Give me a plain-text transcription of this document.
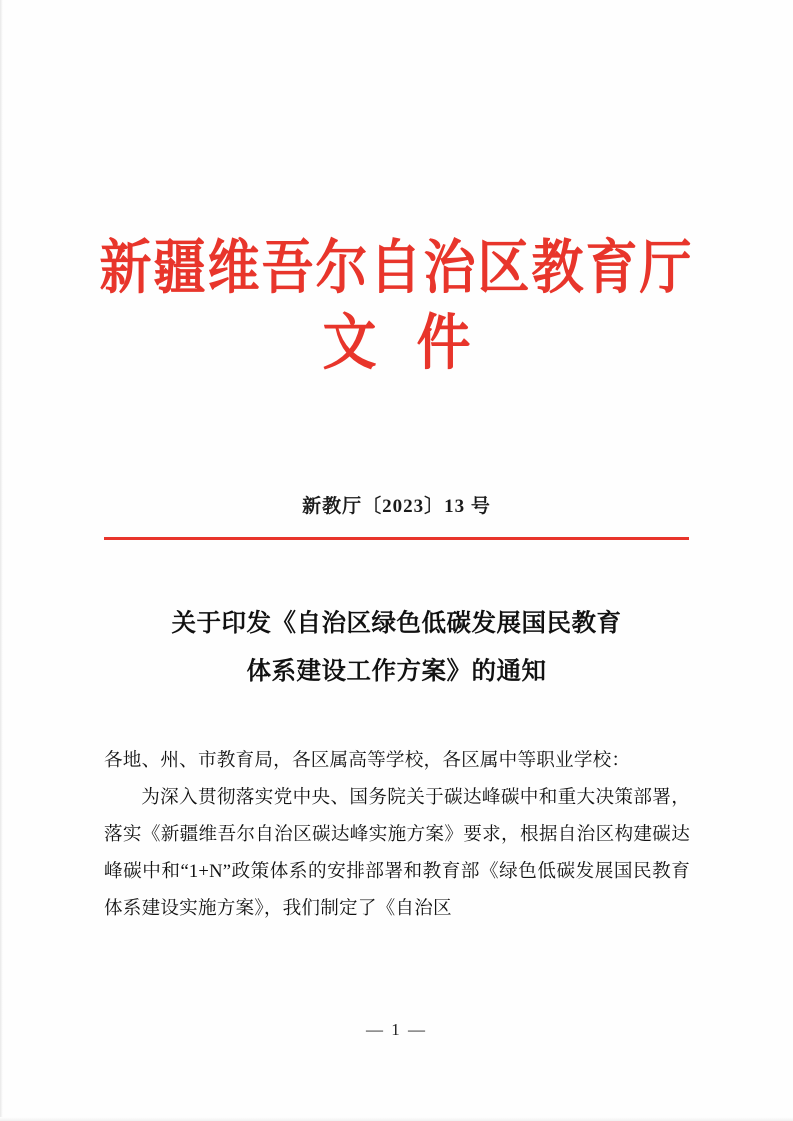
新疆维吾尔自治区教育厅
文件
新教厅〔2023〕13 号
关于印发《自治区绿色低碳发展国民教育
体系建设工作方案》的通知

各地、州、市教育局，各区属高等学校，各区属中等职业学校：

为深入贯彻落实党中央、国务院关于碳达峰碳中和重大决策部署，落实《新疆维吾尔自治区碳达峰实施方案》要求，根据自治区构建碳达峰碳中和“1+N”政策体系的安排部署和教育部《绿色低碳发展国民教育体系建设实施方案》，我们制定了《自治区

— 1 —
